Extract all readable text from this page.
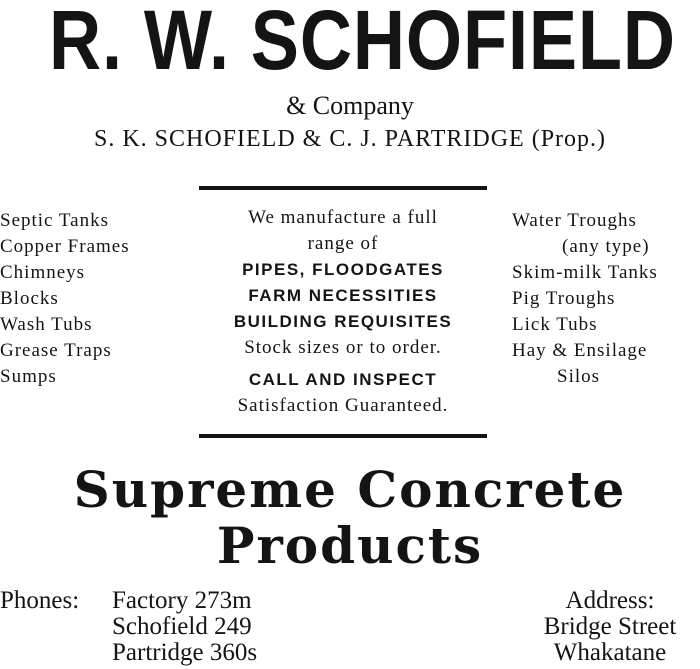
R. W. SCHOFIELD
& Company
S. K. SCHOFIELD & C. J. PARTRIDGE (Prop.)
Septic Tanks
Copper Frames
Chimneys
Blocks
Wash Tubs
Grease Traps
Sumps
We manufacture a full
range of
PIPES, FLOODGATES
FARM NECESSITIES
BUILDING REQUISITES
Stock sizes or to order.
CALL AND INSPECT
Satisfaction Guaranteed.
Water Troughs
(any type)
Skim-milk Tanks
Pig Troughs
Lick Tubs
Hay & Ensilage
Silos
Supreme Concrete
Products
Phones: Factory 273m
Schofield 249
Partridge 360s
Address:
Bridge Street
Whakatane
